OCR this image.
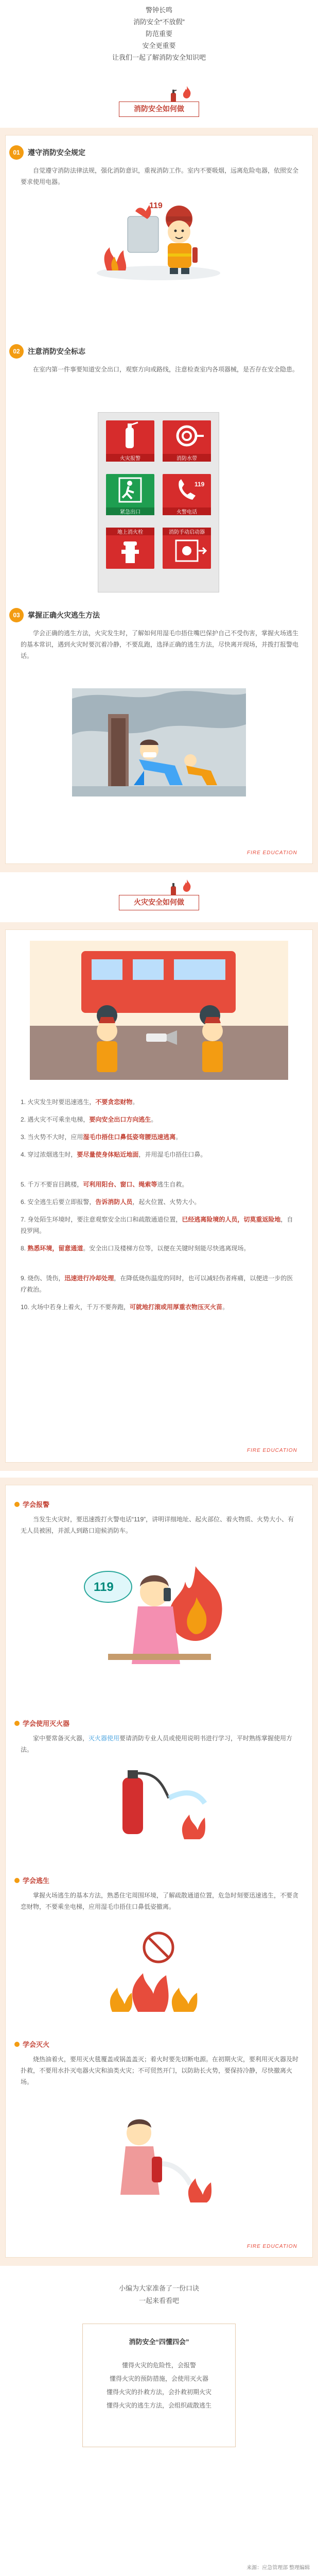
警钟长鸣

消防安全“不放假”

防范重要

安全更重要

让我们一起了解消防安全知识吧

消防安全如何做
01	遵守消防安全规定
自觉遵守消防法律法规，强化消防意识，重视消防工作。室内不要吸烟，远离危险电器，依照安全要求使用电器。
119
02	注意消防安全标志
在室内第一件事要知道安全出口，观察方向或路线，注意检查室内各项器械，是否存在安全隐患。
火灾报警	消防水带
紧急出口
119
火警电话
地上消火栓	消防手动启动器
03	掌握正确火灾逃生方法
学会正确的逃生方法，火灾发生时，了解如何用湿毛巾捂住嘴巴保护自己不受伤害，掌握火场逃生的基本常识，遇到火灾时要沉着冷静，不要乱跑，选择正确的逃生方法，尽快离开现场，并拨打报警电话。
FIRE EDUCATION
火灾安全如何做
1. 火灾发生时要迅速逃生，不要贪恋财物。
2. 遇火灾不可乘坐电梯，要向安全出口方向逃生。
3. 当火势不大时，应用湿毛巾捂住口鼻低姿弯腰迅速逃离。
4. 穿过浓烟逃生时，要尽量使身体贴近地面，并用湿毛巾捂住口鼻。
5. 千万不要盲目跳楼，可利用阳台、窗口、绳索等逃生自救。
6. 安全逃生后要立即报警，告诉消防人员，起火位置、火势大小。
7. 身处陌生环境时，要注意观察安全出口和疏散通道位置，已经逃离险境的人员，切莫重返险地，自投罗网。
8. 熟悉环境，留意通道。安全出口及楼梯方位等，以便在关键时刻能尽快逃离现场。
9. 烧伤、烫伤，迅速进行冷却处理，在降低烧伤温度的同时，也可以减轻伤者疼痛，以便进一步的医疗救治。
10. 火场中若身上着火，千万不要奔跑，可就地打滚或用厚重衣物压灭火苗。
FIRE EDUCATION
学会报警
当发生火灾时，要迅速拨打火警电话“119”，讲明详细地址、起火部位、着火物质、火势大小、有无人员被困，并派人到路口迎候消防车。
119
学会使用灭火器
家中要常备灭火器，灭火器使用要请消防专业人员或使用说明书进行学习，平时熟练掌握使用方法。
学会逃生
掌握火场逃生的基本方法，熟悉住宅周围环境，了解疏散通道位置，危急时刻要迅速逃生，不要贪恋财物，不要乘坐电梯，应用湿毛巾捂住口鼻低姿撤离。
学会灭火
烧热油着火，要用灭火毯覆盖或锅盖盖灭；着火时要先切断电源。在初期火灾，要利用灭火器及时扑救，不要用水扑灭电器火灾和油类火灾；不可贸然开门，以防助长火势，要保持冷静，尽快撤离火场。
FIRE EDUCATION

小编为大家准备了一份口诀

一起来看看吧

消防安全“四懂四会”

懂得火灾的危险性，会报警

懂得火灾的预防措施，会使用灭火器

懂得火灾的扑救方法，会扑救初期火灾

懂得火灾的逃生方法，会组织疏散逃生

来源：应急管理部 整理编辑
